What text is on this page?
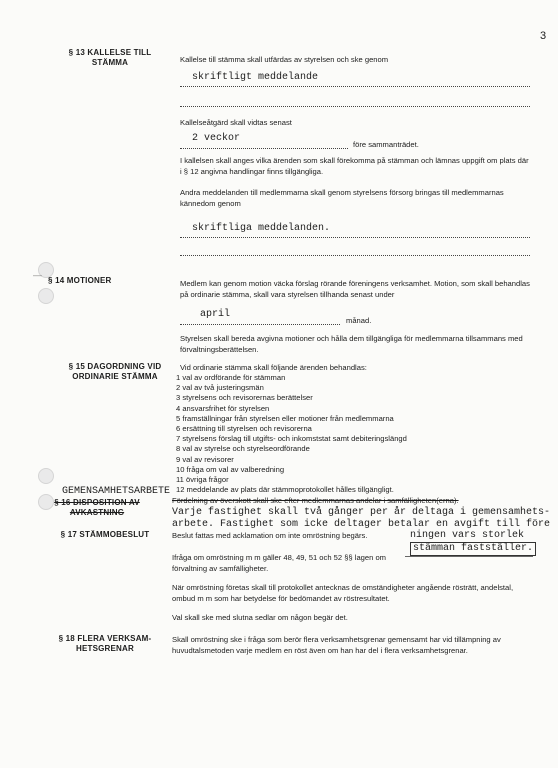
3
§ 13 KALLELSE TILL
STÄMMA	Kallelse till stämma skall utfärdas av styrelsen och ske genom
skriftligt meddelande
Kallelseåtgärd skall vidtas senast
2 veckor
före sammanträdet.
I kallelsen skall anges vilka ärenden som skall förekomma på stämman och lämnas uppgift om plats där i § 12 angivna handlingar finns tillgängliga.
Andra meddelanden till medlemmarna skall genom styrelsens försorg bringas till medlemmarnas kännedom genom
skriftliga meddelanden.
—
§ 14 MOTIONER	Medlem kan genom motion väcka förslag rörande föreningens verksamhet. Motion, som skall behandlas på ordinarie stämma, skall vara styrelsen tillhanda senast under
april
månad.
Styrelsen skall bereda avgivna motioner och hålla dem tillgängliga för medlemmarna tillsammans med förvaltningsberättelsen.
§ 15 DAGORDNING VID
ORDINARIE STÄMMA
Vid ordinarie stämma skall följande ärenden behandlas:
1 val av ordförande för stämman
2 val av två justeringsmän
3 styrelsens och revisorernas berättelser
4 ansvarsfrihet för styrelsen
5 framställningar från styrelsen eller motioner från medlemmarna
6 ersättning till styrelsen och revisorerna
7 styrelsens förslag till utgifts- och inkomststat samt debiteringslängd
8 val av styrelse och styrelseordförande
9 val av revisorer
10 fråga om val av valberedning
11 övriga frågor
12 meddelande av plats där stämmoprotokollet hålles tillgängligt.
GEMENSAMHETSARBETE
§ 16 DISPOSITION AV
AVKASTNING
Fördelning av överskott skall ske efter medlemmarnas andelar i samfälligheten(erna).
Varje fastighet skall två gånger per år deltaga i gemensamhets-
arbete. Fastighet som icke deltager betalar en avgift till före
§ 17 STÄMMOBESLUT	Beslut fattas med acklamation om inte omröstning begärs.	ningen vars storlek
stämman fastställer.
Ifråga om omröstning m m gäller 48, 49, 51 och 52 §§ lagen om förvaltning av samfälligheter.
När omröstning företas skall till protokollet antecknas de omständigheter angående rösträtt, andelstal, ombud m m som har betydelse för bedömandet av röstresultatet.
Val skall ske med slutna sedlar om någon begär det.
§ 18 FLERA VERKSAM-
HETSGRENAR
Skall omröstning ske i fråga som berör flera verksamhetsgrenar gemensamt har vid tillämpning av huvudtalsmetoden varje medlem en röst även om han har del i flera verksamhetsgrenar.
